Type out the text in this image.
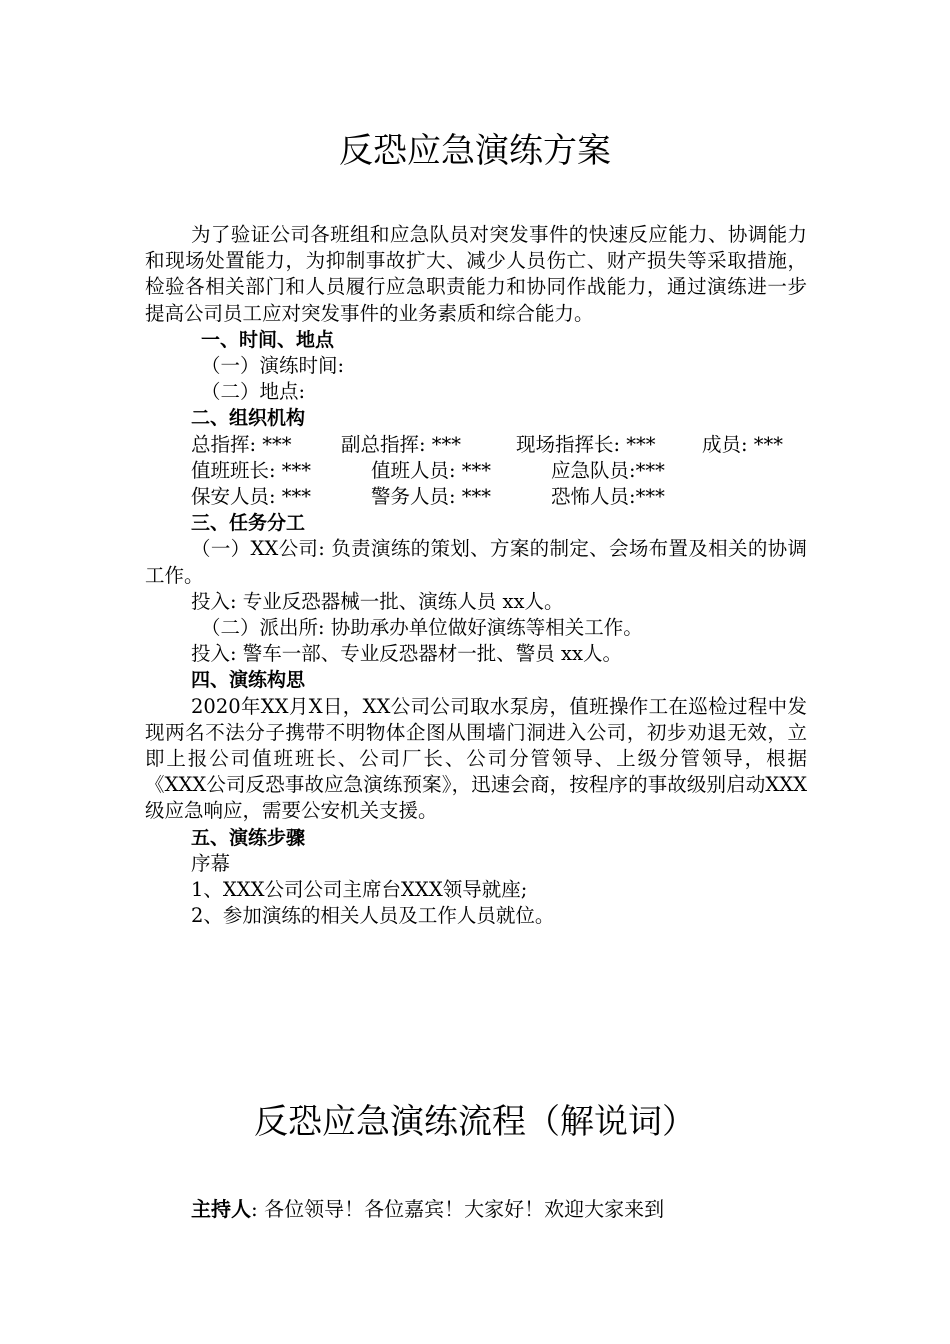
反恐应急演练方案

为了验证公司各班组和应急队员对突发事件的快速反应能力、协调能力和现场处置能力，为抑制事故扩大、减少人员伤亡、财产损失等采取措施，检验各相关部门和人员履行应急职责能力和协同作战能力，通过演练进一步提高公司员工应对突发事件的业务素质和综合能力。

一、时间、地点

（一）演练时间:

（二）地点:

二、组织机构

总指挥: ***	副总指挥: ***	现场指挥长: *** 成员: ***

值班班长: ***	值班人员: ***	应急队员:***

保安人员: ***	警务人员: ***	恐怖人员:***

三、任务分工

（一）XX公司: 负责演练的策划、方案的制定、会场布置及相关的协调工作。

投入: 专业反恐器械一批、演练人员 xx人。

（二）派出所: 协助承办单位做好演练等相关工作。

投入: 警车一部、专业反恐器材一批、警员 xx人。

四、演练构思

2020年XX月X日，XX公司公司取水泵房，值班操作工在巡检过程中发现两名不法分子携带不明物体企图从围墙门洞进入公司，初步劝退无效，立即上报公司值班班长、公司厂长、公司分管领导、上级分管领导，根据《XXX公司反恐事故应急演练预案》，迅速会商，按程序的事故级别启动XXX级应急响应，需要公安机关支援。

五、演练步骤

序幕

1、XXX公司公司主席台XXX领导就座;

2、参加演练的相关人员及工作人员就位。

反恐应急演练流程（解说词）
主持人: 各位领导！各位嘉宾！大家好！欢迎大家来到
